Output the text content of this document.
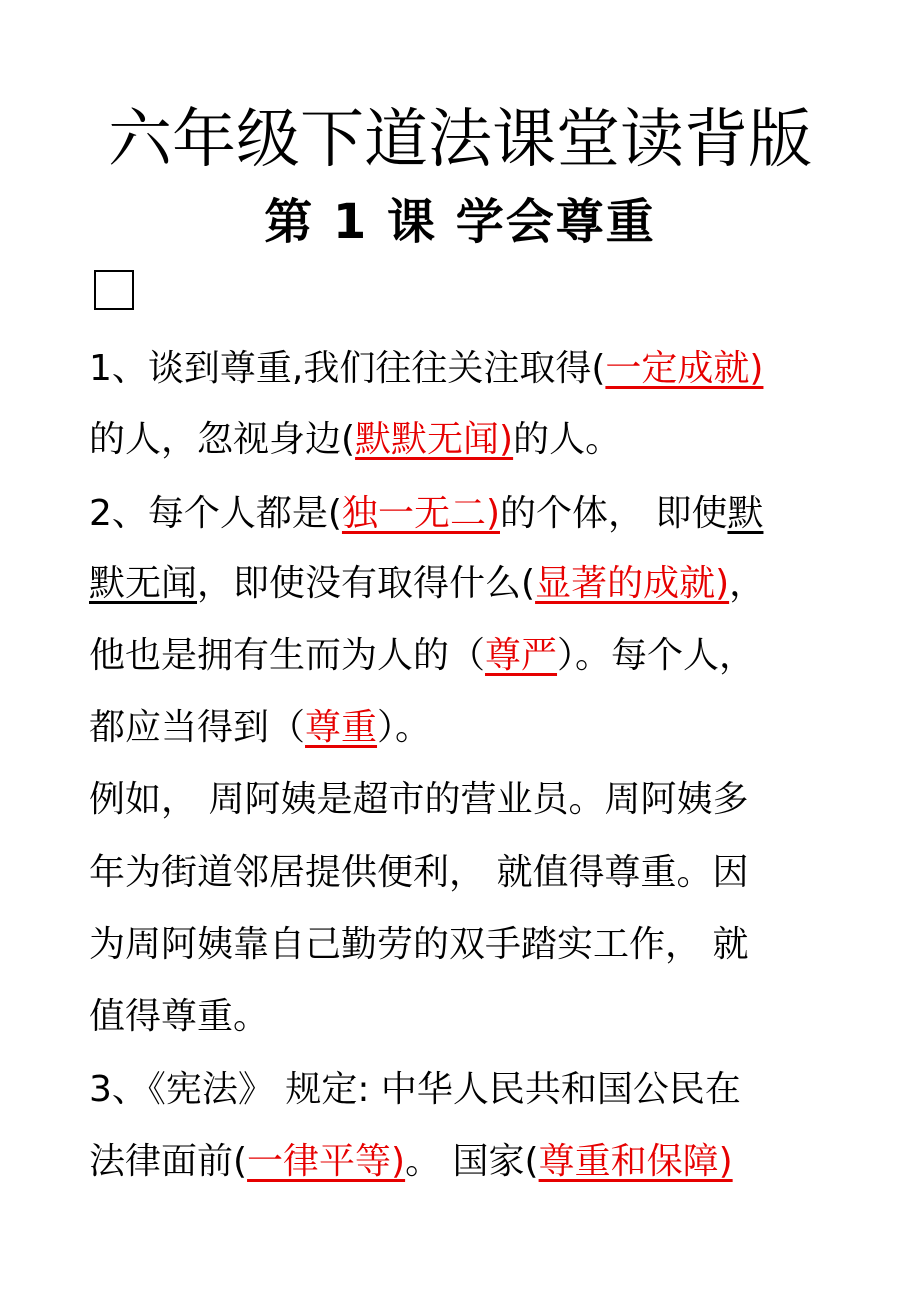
六年级下道法课堂读背版
第 1 课 学会尊重
1、谈到尊重,我们往往关注取得(一定成就)
的人，忽视身边(默默无闻)的人。
2、每个人都是(独一无二)的个体， 即使默
默无闻，即使没有取得什么(显著的成就)，
他也是拥有生而为人的（尊严）。每个人，
都应当得到（尊重）。
例如， 周阿姨是超市的营业员。周阿姨多
年为街道邻居提供便利， 就值得尊重。因
为周阿姨靠自己勤劳的双手踏实工作， 就
值得尊重。
3、《宪法》 规定: 中华人民共和国公民在
法律面前(一律平等)。 国家(尊重和保障)
